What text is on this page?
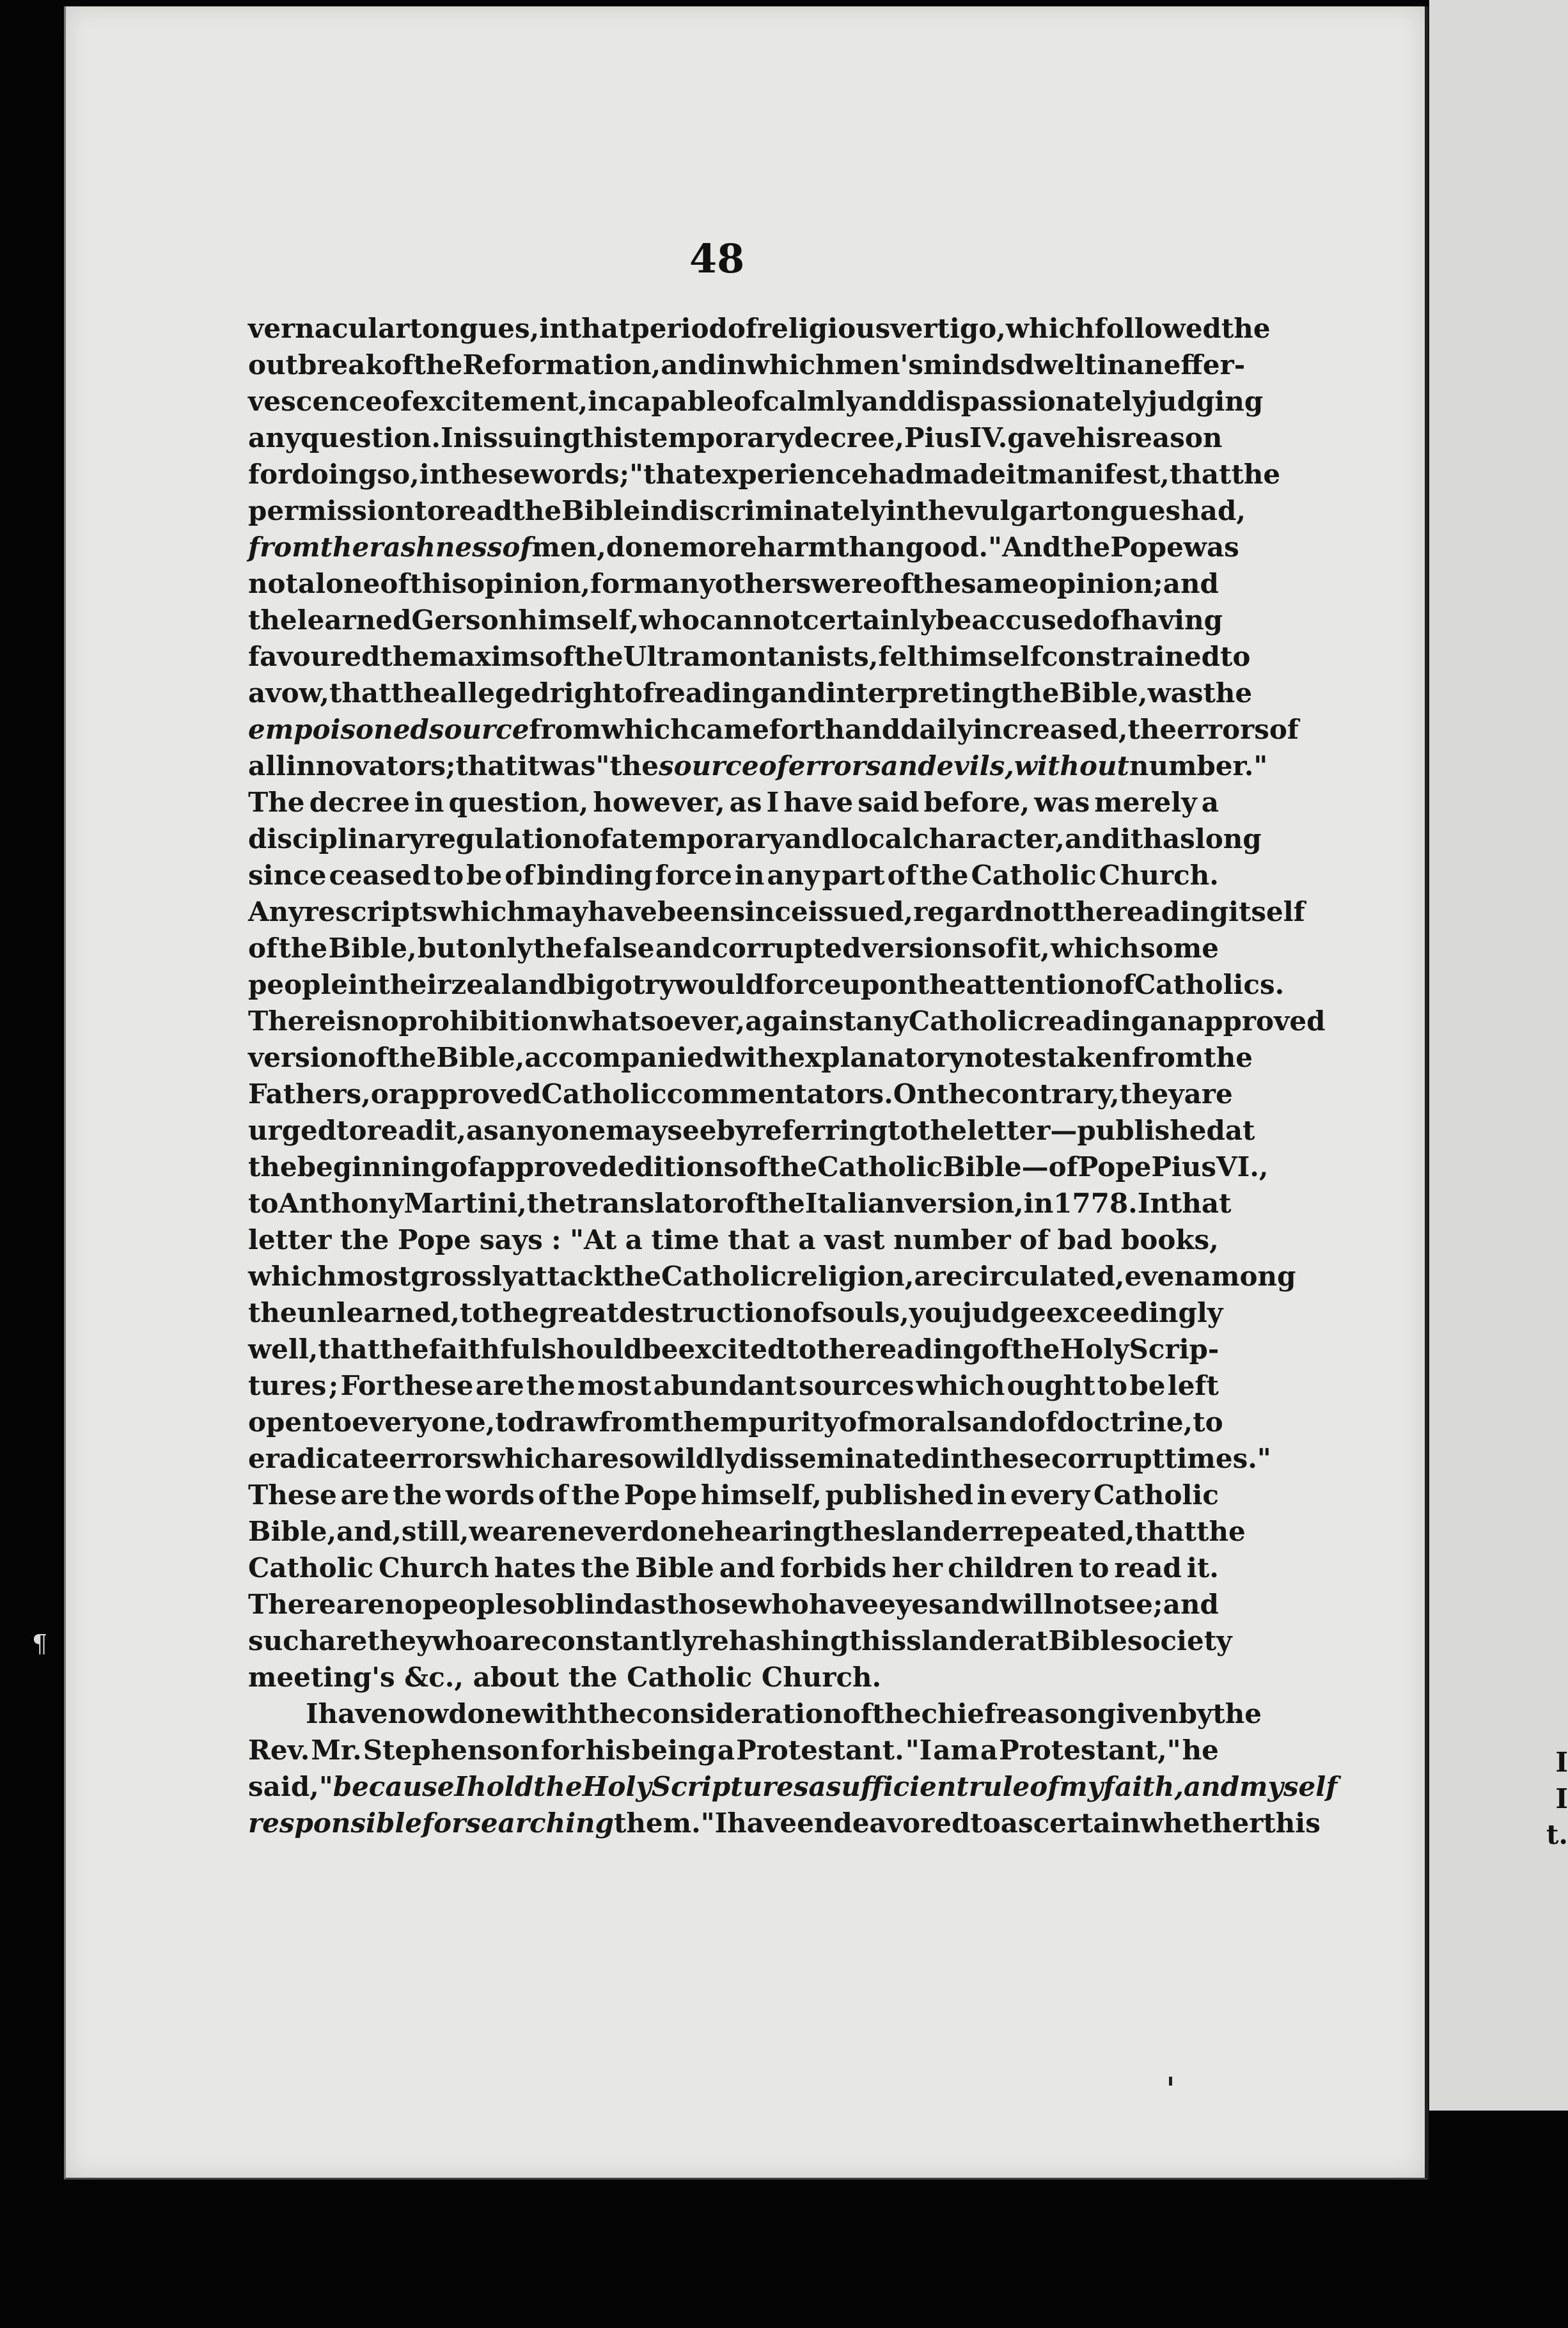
I
I
t.
¶
48
vernacular tongues, in that period of religious vertigo, which followed the
outbreak of the Reformation, and in which men's minds dwelt in an effer-
vescence of excitement, incapable of calmly and dispassionately judging
any question. In issuing this temporary decree, Pius IV. gave his reason
for doing so, in these words ; "that experience had made it manifest, that the
permission to read the Bible indiscriminately in the vulgar tongues had,
from the rashness of men, done more harm than good." And the Pope was
not alone of this opinion, for many others were of the same opinion ; and
the learned Gerson himself, who cannot certainly be accused of having
favoured the maxims of the Ultramontanists, felt himself constrained to
avow, that the alleged right of reading and interpreting the Bible, was the
empoisoned source from which came forth and daily increased, the errors of
all innovators ; that it was "the source of errors and evils, without number."
The decree in question, however, as I have said before, was merely a
disciplinary regulation of a temporary and local character, and it has long
since ceased to be of binding force in any part of the Catholic Church.
Any rescripts which may have been since issued, regard not the reading itself
of the Bible, but only the false and corrupted versions of it, which some
people in their zeal and bigotry would force upon the attention of Catholics.
There is no prohibition whatsoever, against any Catholic reading an approved
version of the Bible, accompanied with explanatory notes taken from the
Fathers, or approved Catholic commentators. On the contrary, they are
urged to read it, as any one may see by referring to the letter—published at
the beginning of approved editions of the Catholic Bible—of Pope Pius VI.,
to Anthony Martini, the translator of the Italian version, in 1778. In that
letter the Pope says : "At a time that a vast number of bad books,
which most grossly attack the Catholic religion, are circulated, even among
the unlearned, to the great destruction of souls, you judge exceedingly
well, that the faithful should be excited to the reading of the Holy Scrip-
tures ; For these are the most abundant sources which ought to be left
open to every one, to draw from them purity of morals and of doctrine, to
eradicate errors which are so wildly disseminated in these corrupt times."
These are the words of the Pope himself, published in every Catholic
Bible, and, still, we are never done hearing the slander repeated, that the
Catholic Church hates the Bible and forbids her children to read it.
There are no people so blind as those who have eyes and will not see ; and
such are they who are constantly rehashing this slander at Bible society
meeting's
&c.,
about
the
Catholic
Church.
I have now done with the consideration of the chief reason given by the
Rev. Mr. Stephenson for his being a Protestant. "I am a Protestant," he
said, " because I hold the Holy Scriptures a sufficient rule of my faith, and myself
responsible for searching them." I have endeavored to ascertain whether this
